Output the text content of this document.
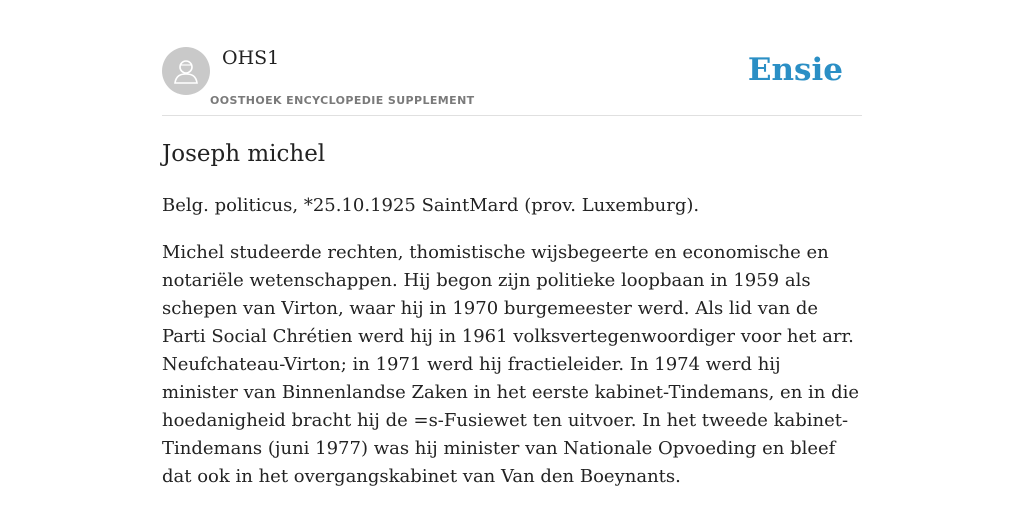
OHS1
OOSTHOEK ENCYCLOPEDIE SUPPLEMENT
Ensie
Joseph michel

Belg. politicus, *25.10.1925 SaintMard (prov. Luxemburg).

Michel studeerde rechten, thomistische wijsbegeerte en economische en notariële wetenschappen. Hij begon zijn politieke loopbaan in 1959 als schepen van Virton, waar hij in 1970 burgemeester werd. Als lid van de Parti Social Chrétien werd hij in 1961 volksvertegenwoordiger voor het arr. Neufchateau-Virton; in 1971 werd hij fractieleider. In 1974 werd hij minister van Binnenlandse Zaken in het eerste kabinet-Tindemans, en in die hoedanigheid bracht hij de =s-Fusiewet ten uitvoer. In het tweede kabinet-Tindemans (juni 1977) was hij minister van Nationale Opvoeding en bleef dat ook in het overgangskabinet van Van den Boeynants.
